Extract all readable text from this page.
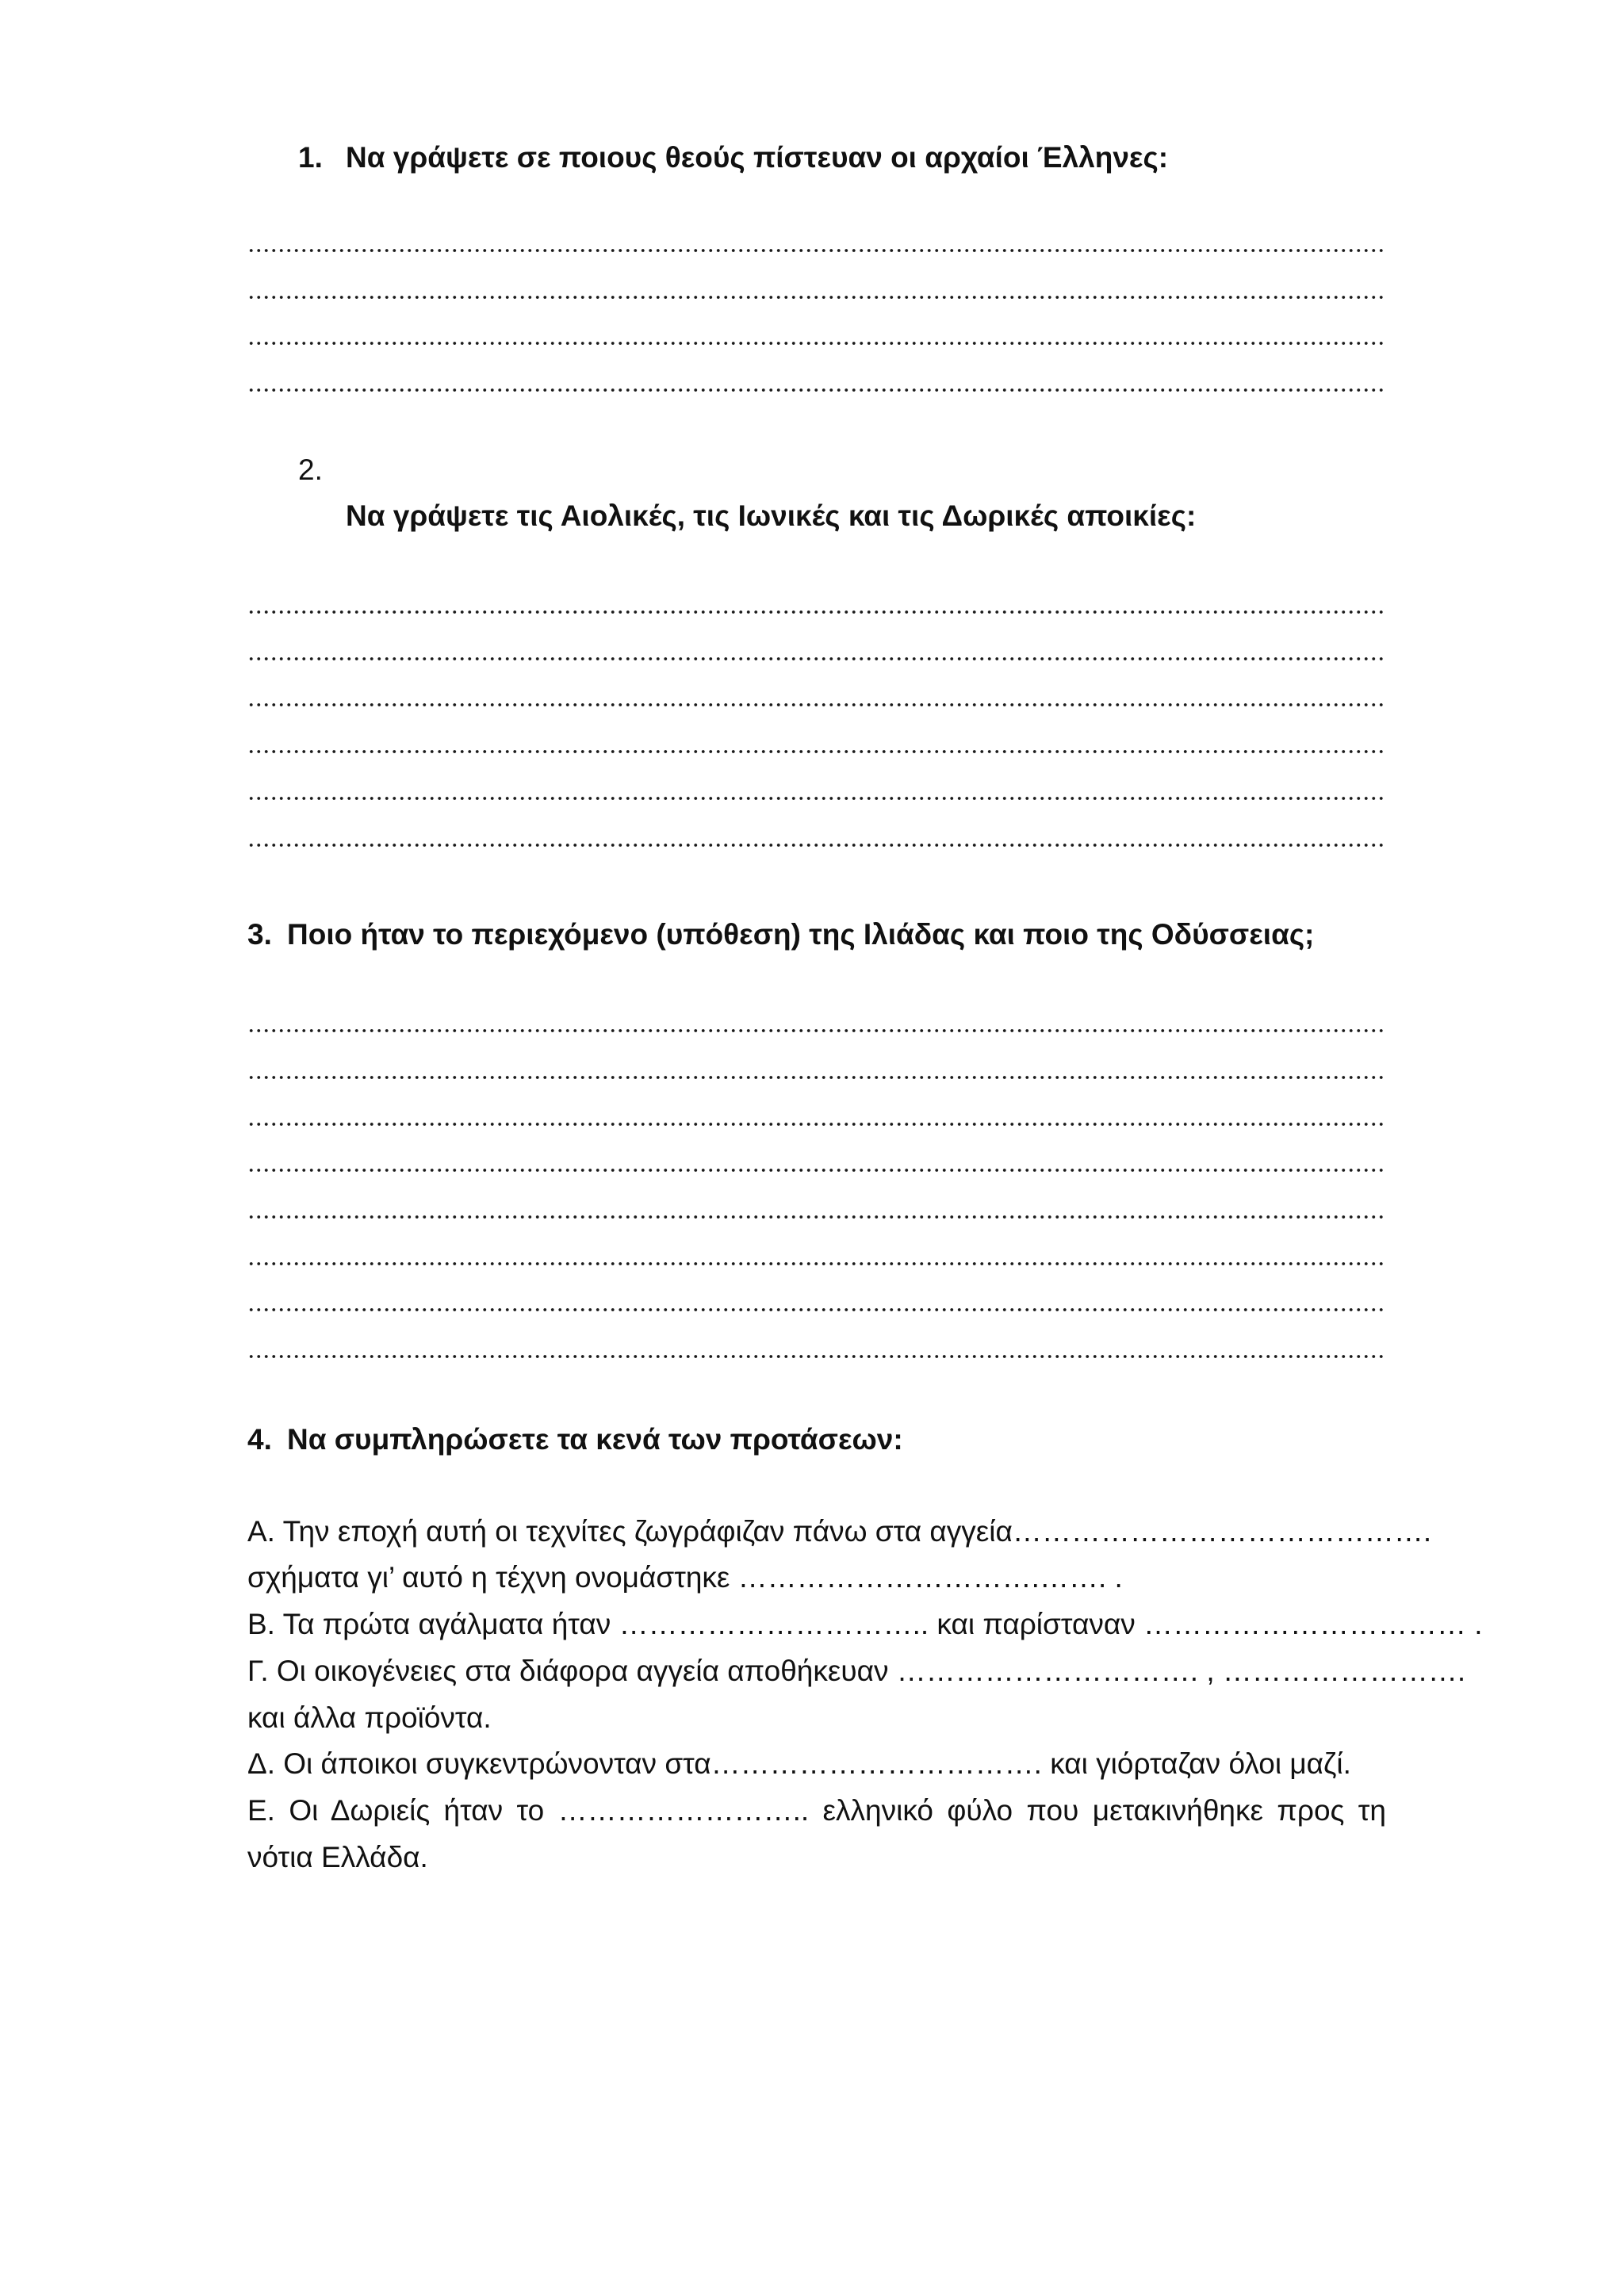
1. Να γράψετε σε ποιους θεούς πίστευαν οι αρχαίοι Έλληνες:
2.
Να γράψετε τις Αιολικές, τις Ιωνικές και τις Δωρικές αποικίες:
3. Ποιο ήταν το περιεχόμενο (υπόθεση) της Ιλιάδας και ποιο της Οδύσσειας;
4. Να συμπληρώσετε τα κενά των προτάσεων:
Α. Την εποχή αυτή οι τεχνίτες ζωγράφιζαν πάνω στα αγγεία…………………………………….
σχήματα γι’ αυτό η τέχνη ονομάστηκε ………………………….……. .
Β. Τα πρώτα αγάλματα ήταν ………………………….. και παρίσταναν …………………………… .
Γ. Οι οικογένειες στα διάφορα αγγεία αποθήκευαν …………………………. , …………………….
και άλλα προϊόντα.
Δ. Οι άποικοι συγκεντρώνονταν στα……………………………. και γιόρταζαν όλοι μαζί.
Ε. Οι Δωριείς ήταν το …………………….. ελληνικό φύλο που μετακινήθηκε προς τη
νότια Ελλάδα.
